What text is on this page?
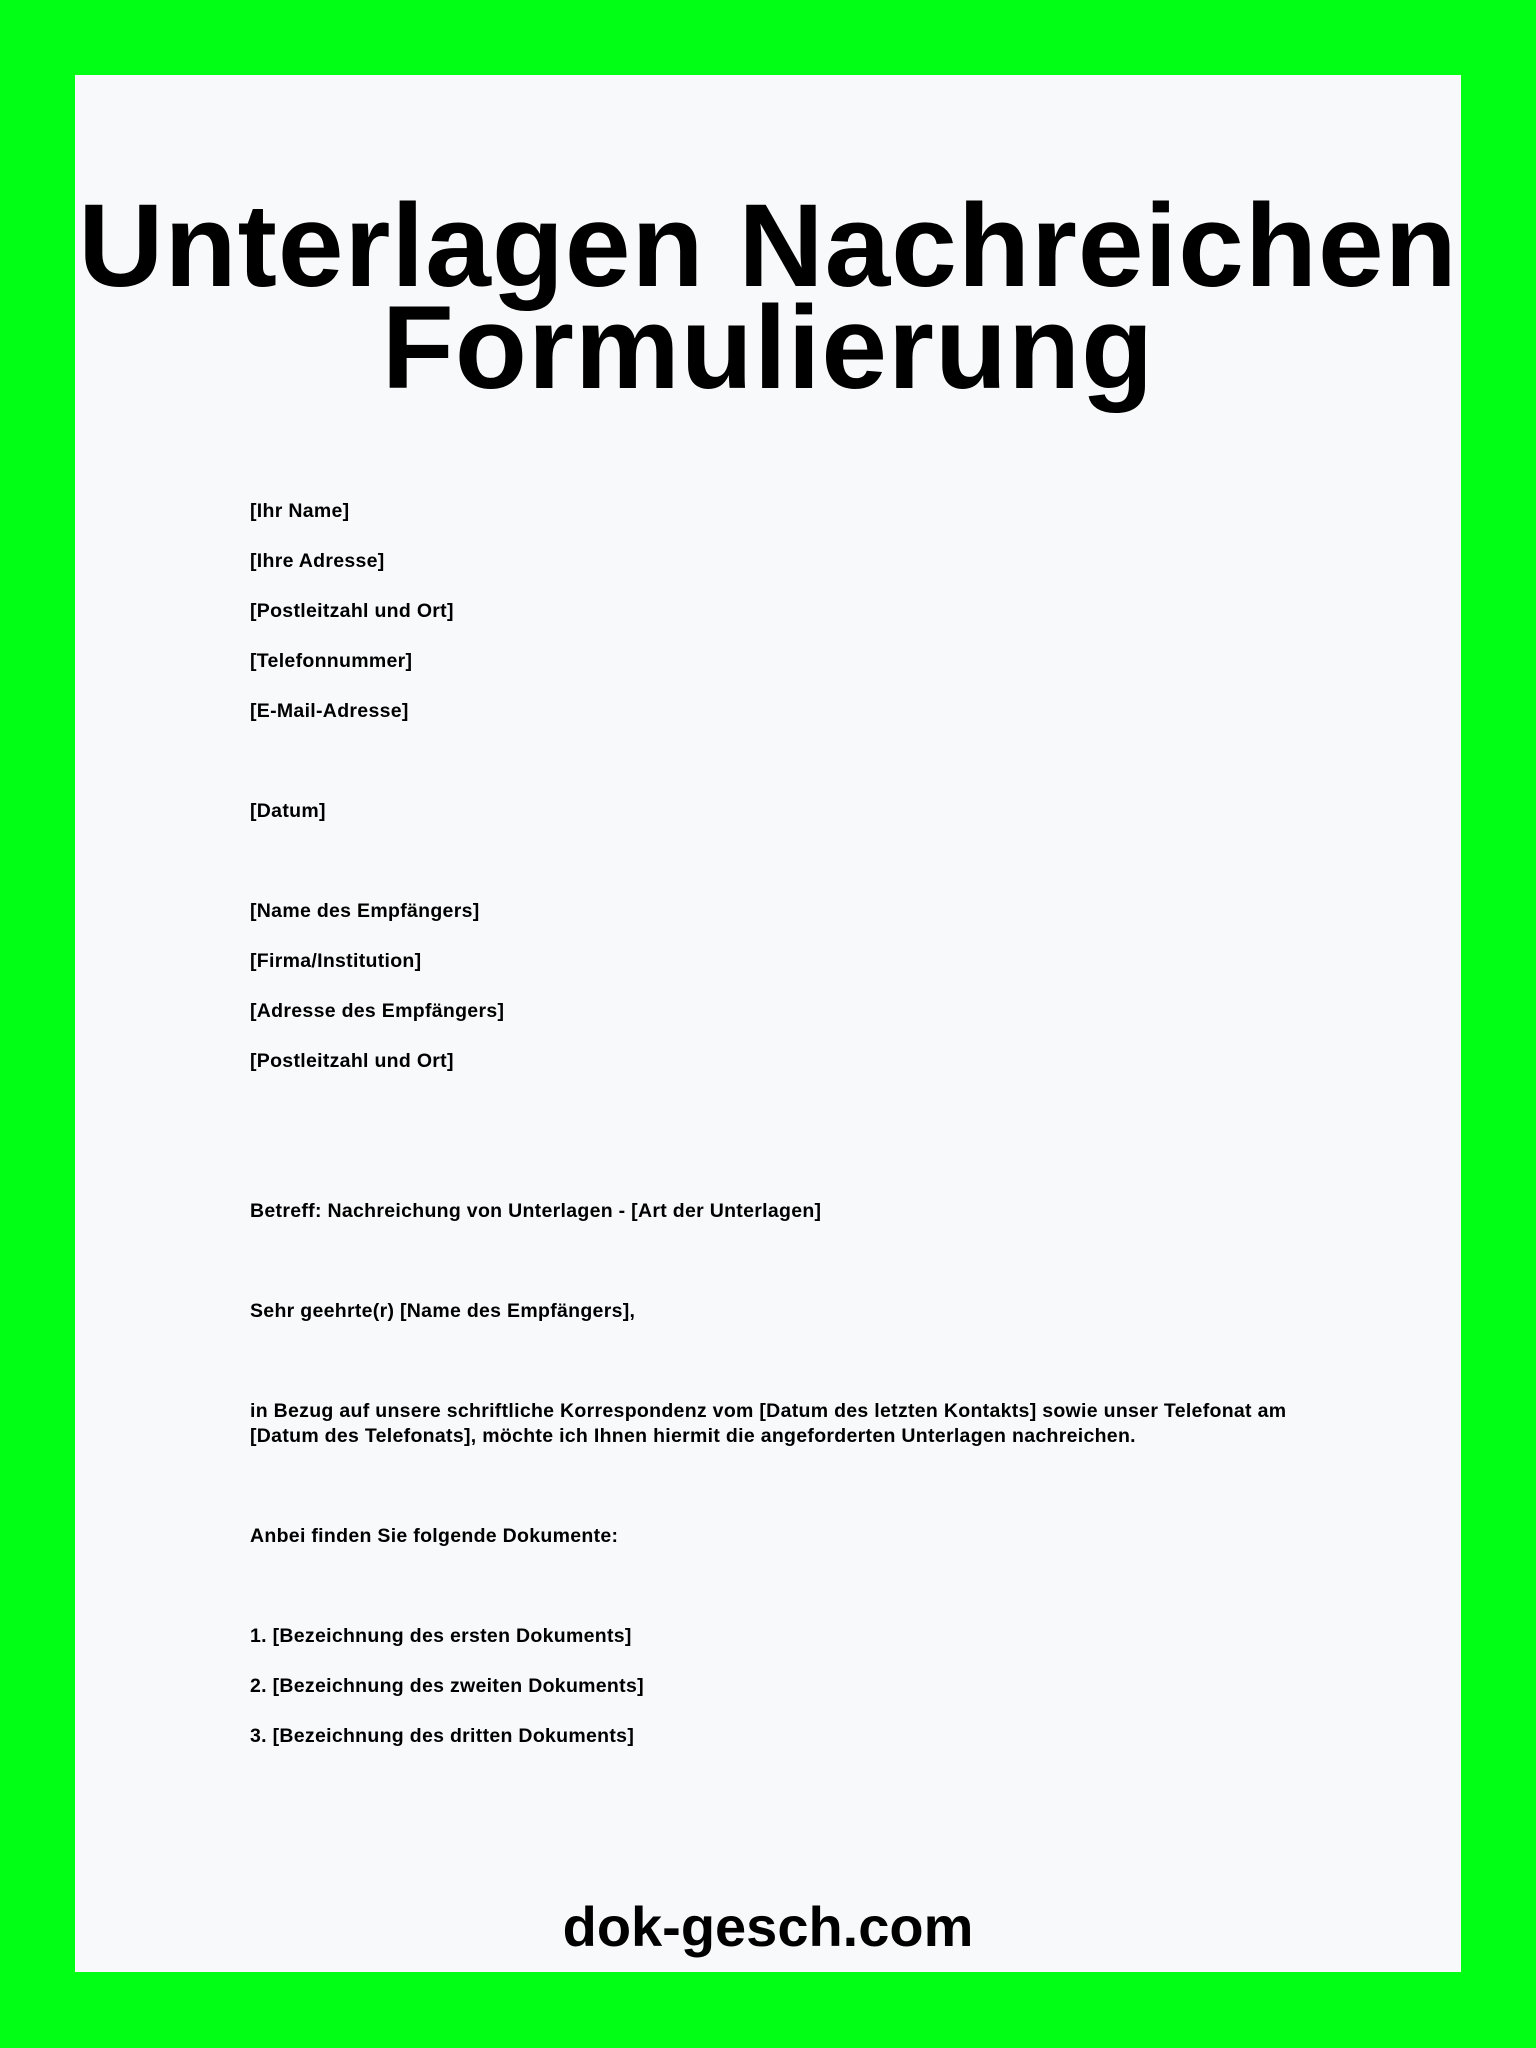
Unterlagen Nachreichen
Formulierung

[Ihr Name]

[Ihre Adresse]

[Postleitzahl und Ort]

[Telefonnummer]

[E-Mail-Adresse]

[Datum]

[Name des Empfängers]

[Firma/Institution]

[Adresse des Empfängers]

[Postleitzahl und Ort]

Betreff: Nachreichung von Unterlagen - [Art der Unterlagen]

Sehr geehrte(r) [Name des Empfängers],

in Bezug auf unsere schriftliche Korrespondenz vom [Datum des letzten Kontakts] sowie unser Telefonat am [Datum des Telefonats], möchte ich Ihnen hiermit die angeforderten Unterlagen nachreichen.

Anbei finden Sie folgende Dokumente:

1. [Bezeichnung des ersten Dokuments]

2. [Bezeichnung des zweiten Dokuments]

3. [Bezeichnung des dritten Dokuments]

dok-gesch.com
